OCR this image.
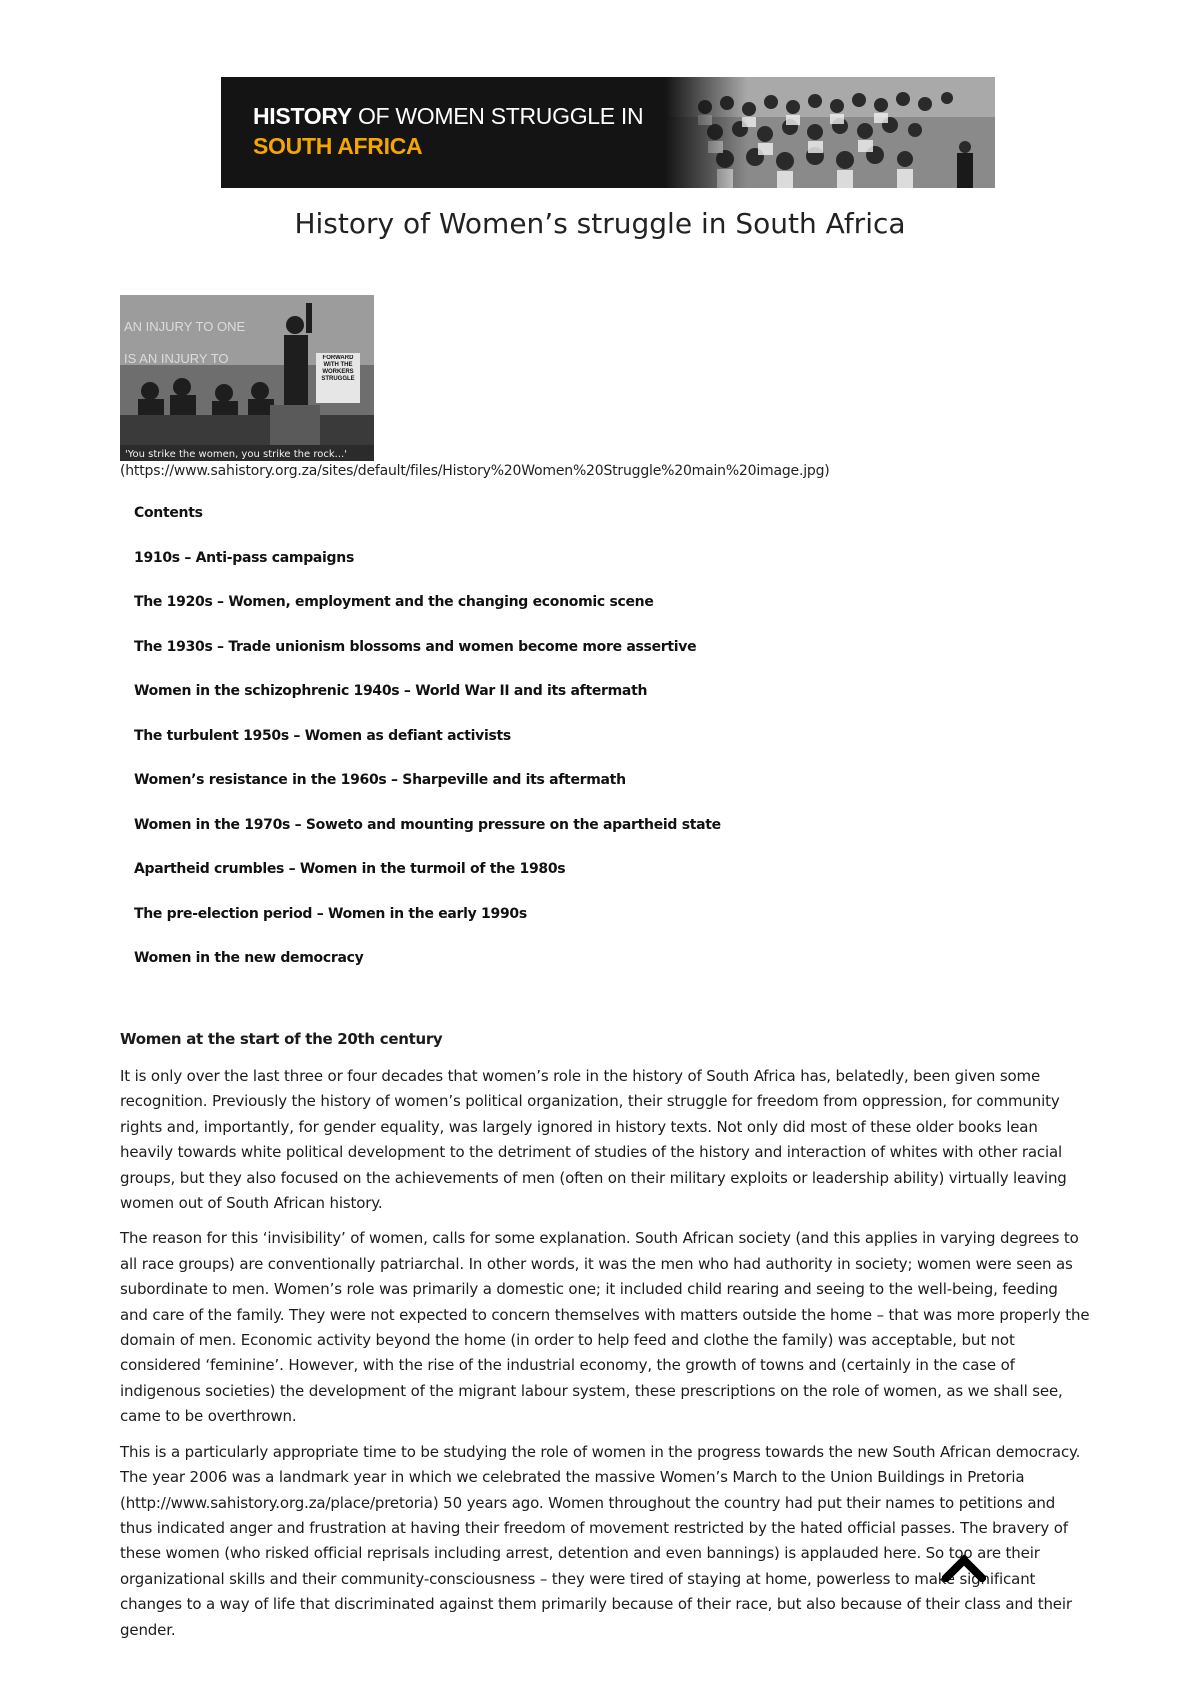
HISTORY OF WOMEN STRUGGLE IN
SOUTH AFRICA
History of Women’s struggle in South Africa
AN INJURY TO ONE
IS AN INJURY TO	FORWARD WITH THE WORKERS STRUGGLE
'You strike the women, you strike the rock...'
(https://www.sahistory.org.za/sites/default/files/History%20Women%20Struggle%20main%20image.jpg)
Contents
1910s – Anti-pass campaigns
The 1920s – Women, employment and the changing economic scene
The 1930s – Trade unionism blossoms and women become more assertive
Women in the schizophrenic 1940s – World War II and its aftermath
The turbulent 1950s – Women as defiant activists
Women’s resistance in the 1960s – Sharpeville and its aftermath
Women in the 1970s – Soweto and mounting pressure on the apartheid state
Apartheid crumbles – Women in the turmoil of the 1980s
The pre-election period – Women in the early 1990s
Women in the new democracy
Women at the start of the 20th century

It is only over the last three or four decades that women’s role in the history of South Africa has, belatedly, been given some recognition. Previously the history of women’s political organization, their struggle for freedom from oppression, for community rights and, importantly, for gender equality, was largely ignored in history texts. Not only did most of these older books lean heavily towards white political development to the detriment of studies of the history and interaction of whites with other racial groups, but they also focused on the achievements of men (often on their military exploits or leadership ability) virtually leaving women out of South African history.

The reason for this ‘invisibility’ of women, calls for some explanation. South African society (and this applies in varying degrees to all race groups) are conventionally patriarchal. In other words, it was the men who had authority in society; women were seen as subordinate to men. Women’s role was primarily a domestic one; it included child rearing and seeing to the well-being, feeding and care of the family. They were not expected to concern themselves with matters outside the home – that was more properly the domain of men. Economic activity beyond the home (in order to help feed and clothe the family) was acceptable, but not considered ‘feminine’. However, with the rise of the industrial economy, the growth of towns and (certainly in the case of indigenous societies) the development of the migrant labour system, these prescriptions on the role of women, as we shall see, came to be overthrown.

This is a particularly appropriate time to be studying the role of women in the progress towards the new South African democracy. The year 2006 was a landmark year in which we celebrated the massive Women’s March to the Union Buildings in Pretoria (http://www.sahistory.org.za/place/pretoria) 50 years ago. Women throughout the country had put their names to petitions and thus indicated anger and frustration at having their freedom of movement restricted by the hated official passes. The bravery of these women (who risked official reprisals including arrest, detention and even bannings) is applauded here. So too are their organizational skills and their community-consciousness – they were tired of staying at home, powerless to make significant changes to a way of life that discriminated against them primarily because of their race, but also because of their class and their gender.
